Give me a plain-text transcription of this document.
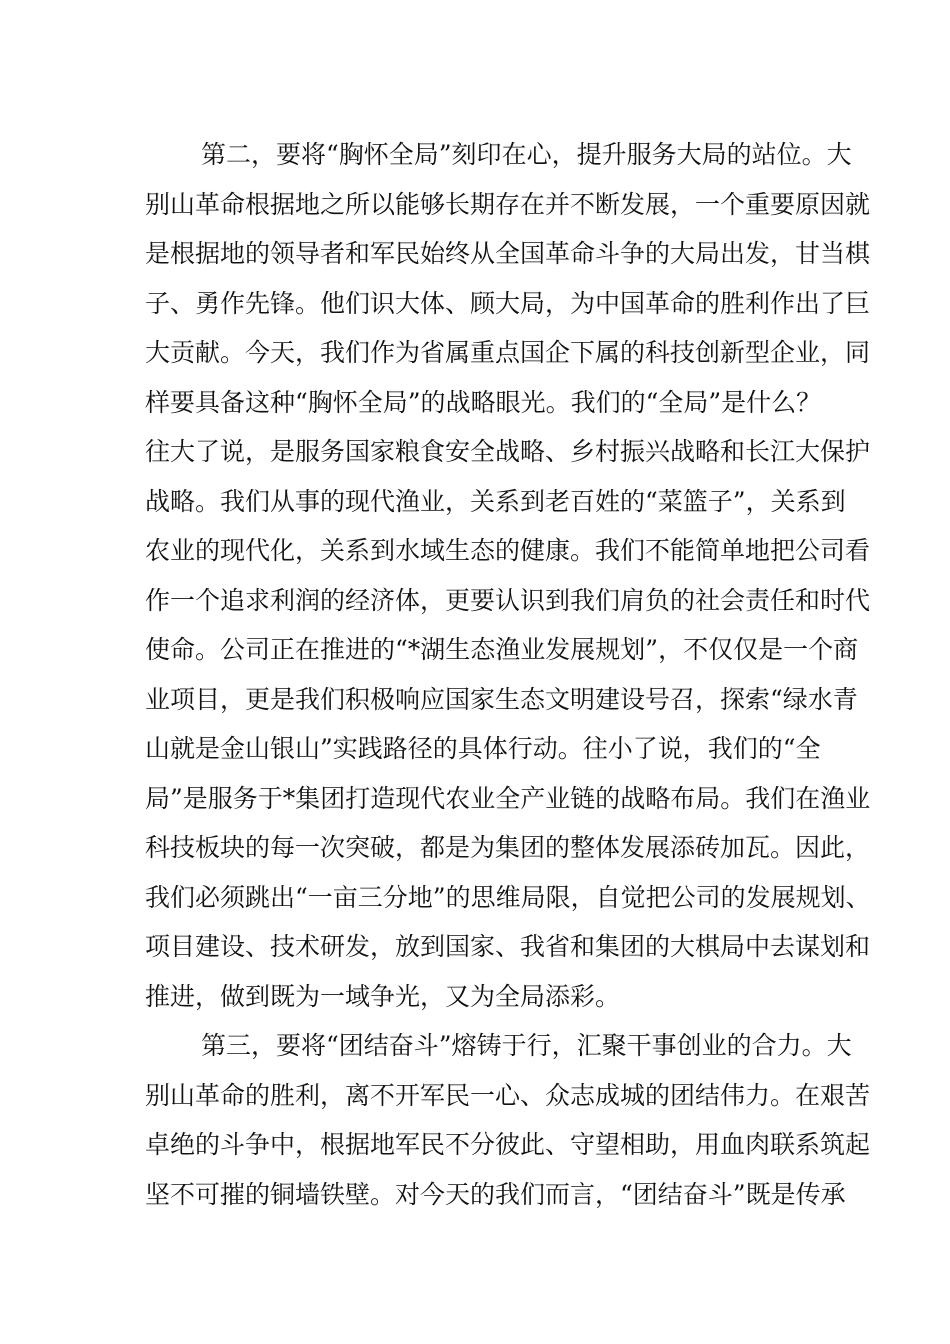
第二，要将“胸怀全局”刻印在心，提升服务大局的站位。大
别山革命根据地之所以能够长期存在并不断发展，一个重要原因就
是根据地的领导者和军民始终从全国革命斗争的大局出发，甘当棋
子、勇作先锋。他们识大体、顾大局，为中国革命的胜利作出了巨
大贡献。今天，我们作为省属重点国企下属的科技创新型企业，同
样要具备这种“胸怀全局”的战略眼光。我们的“全局”是什么？
往大了说，是服务国家粮食安全战略、乡村振兴战略和长江大保护
战略。我们从事的现代渔业，关系到老百姓的“菜篮子”，关系到
农业的现代化，关系到水域生态的健康。我们不能简单地把公司看
作一个追求利润的经济体，更要认识到我们肩负的社会责任和时代
使命。公司正在推进的“*湖生态渔业发展规划”，不仅仅是一个商
业项目，更是我们积极响应国家生态文明建设号召，探索“绿水青
山就是金山银山”实践路径的具体行动。往小了说，我们的“全
局”是服务于*集团打造现代农业全产业链的战略布局。我们在渔业
科技板块的每一次突破，都是为集团的整体发展添砖加瓦。因此，
我们必须跳出“一亩三分地”的思维局限，自觉把公司的发展规划、
项目建设、技术研发，放到国家、我省和集团的大棋局中去谋划和
推进，做到既为一域争光，又为全局添彩。
第三，要将“团结奋斗”熔铸于行，汇聚干事创业的合力。大
别山革命的胜利，离不开军民一心、众志成城的团结伟力。在艰苦
卓绝的斗争中，根据地军民不分彼此、守望相助，用血肉联系筑起
坚不可摧的铜墙铁壁。对今天的我们而言，“团结奋斗”既是传承
